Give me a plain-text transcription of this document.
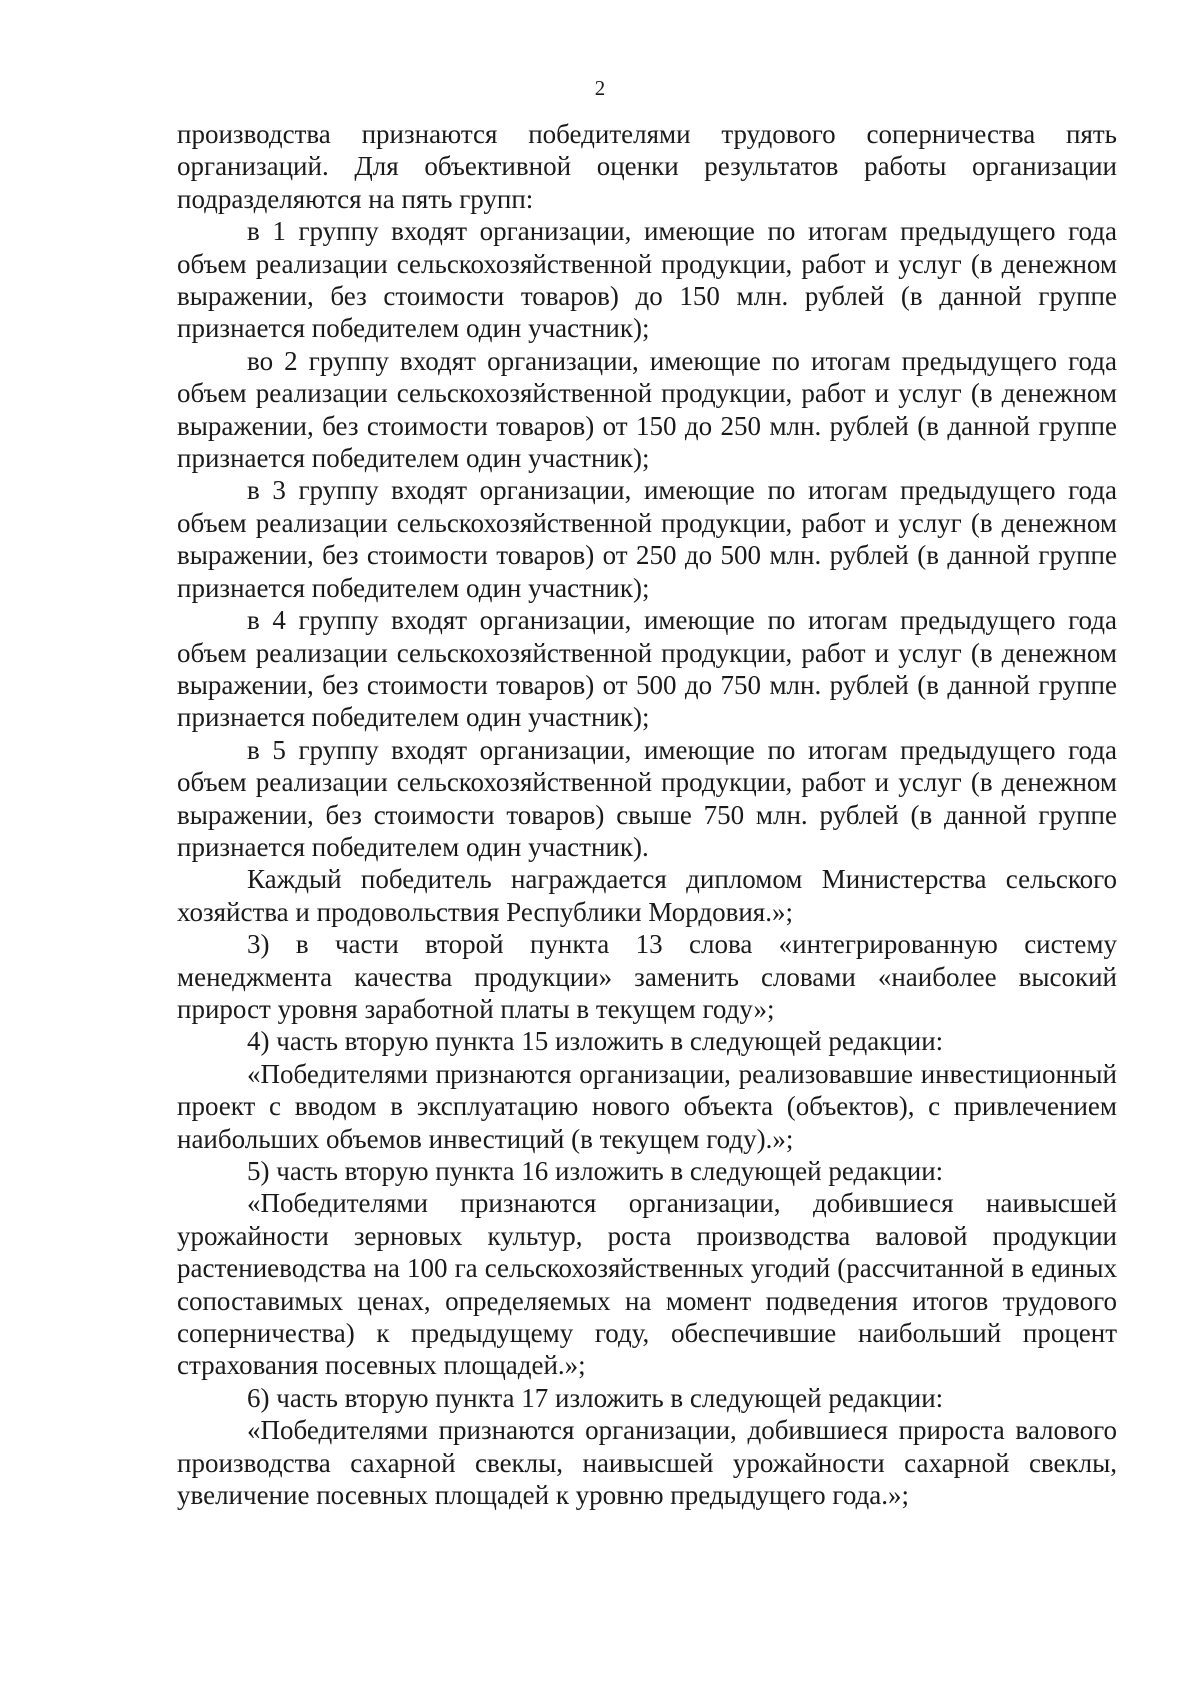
2

производства признаются победителями трудового соперничества пять организаций. Для объективной оценки результатов работы организации подразделяются на пять групп:

в 1 группу входят организации, имеющие по итогам предыдущего года объем реализации сельскохозяйственной продукции, работ и услуг (в денежном выражении, без стоимости товаров) до 150 млн. рублей (в данной группе признается победителем один участник);

во 2 группу входят организации, имеющие по итогам предыдущего года объем реализации сельскохозяйственной продукции, работ и услуг (в денежном выражении, без стоимости товаров) от 150 до 250 млн. рублей (в данной группе признается победителем один участник);

в 3 группу входят организации, имеющие по итогам предыдущего года объем реализации сельскохозяйственной продукции, работ и услуг (в денежном выражении, без стоимости товаров) от 250 до 500 млн. рублей (в данной группе признается победителем один участник);

в 4 группу входят организации, имеющие по итогам предыдущего года объем реализации сельскохозяйственной продукции, работ и услуг (в денежном выражении, без стоимости товаров) от 500 до 750 млн. рублей (в данной группе признается победителем один участник);

в 5 группу входят организации, имеющие по итогам предыдущего года объем реализации сельскохозяйственной продукции, работ и услуг (в денежном выражении, без стоимости товаров) свыше 750 млн. рублей (в данной группе признается победителем один участник).

Каждый победитель награждается дипломом Министерства сельского хозяйства и продовольствия Республики Мордовия.»;

3) в части второй пункта 13 слова «интегрированную систему менеджмента качества продукции» заменить словами «наиболее высокий прирост уровня заработной платы в текущем году»;

4) часть вторую пункта 15 изложить в следующей редакции:

«Победителями признаются организации, реализовавшие инвестиционный проект с вводом в эксплуатацию нового объекта (объектов), с привлечением наибольших объемов инвестиций (в текущем году).»;

5) часть вторую пункта 16 изложить в следующей редакции:

«Победителями признаются организации, добившиеся наивысшей урожайности зерновых культур, роста производства валовой продукции растениеводства на 100 га сельскохозяйственных угодий (рассчитанной в единых сопоставимых ценах, определяемых на момент подведения итогов трудового соперничества) к предыдущему году, обеспечившие наибольший процент страхования посевных площадей.»;

6) часть вторую пункта 17 изложить в следующей редакции:

«Победителями признаются организации, добившиеся прироста валового производства сахарной свеклы, наивысшей урожайности сахарной свеклы, увеличение посевных площадей к уровню предыдущего года.»;
